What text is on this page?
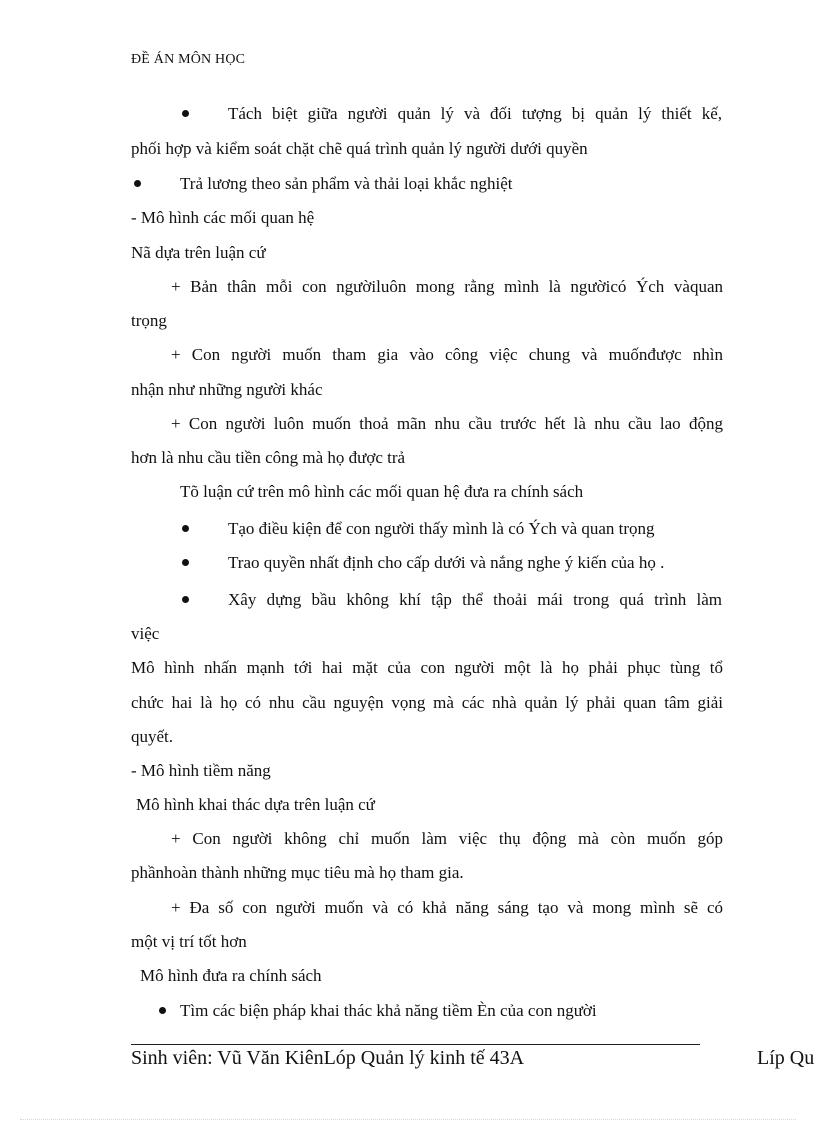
ĐỀ ÁN MÔN HỌC
Tách biệt giữa người quản lý và đối tượng bị quản lý thiết kế,
phối hợp và kiểm soát chặt chẽ quá trình quản lý người dưới quyền
Trả lương theo sản phẩm và thải loại khắc nghiệt
- Mô hình các mối quan hệ
Nã dựa trên luận cứ
+ Bản thân mỗi con ngườiluôn mong rằng mình là ngườicó Ých vàquan
trọng
+ Con người muốn tham gia vào công việc chung và muốnđược nhìn
nhận như những người khác
+ Con người luôn muốn thoả mãn nhu cầu trước hết là nhu cầu lao động
hơn là nhu cầu tiền công mà họ được trả
Tõ luận cứ trên mô hình các mối quan hệ đưa ra chính sách
Tạo điều kiện để con người thấy mình là có Ých và quan trọng
Trao quyền nhất định cho cấp dưới và nắng nghe ý kiến của họ .
Xây dựng bầu không khí tập thể thoải mái trong quá trình làm
việc
Mô hình nhấn mạnh tới hai mặt của con người một là họ phải phục tùng tổ
chức hai là họ có nhu cầu nguyện vọng mà các nhà quản lý phải quan tâm giải
quyết.
- Mô hình tiềm năng
Mô hình khai thác dựa trên luận cứ
+ Con người không chỉ muốn làm việc thụ động mà còn muốn góp
phầnhoàn thành những mục tiêu mà họ tham gia.
+ Đa số con người muốn và có khả năng sáng tạo và mong mình sẽ có
một vị trí tốt hơn
Mô hình đưa ra chính sách
Tìm các biện pháp khai thác khả năng tiềm Èn của con người
Sinh viên: Vũ Văn KiênLóp Quản lý kinh tế 43A	Líp Qu
